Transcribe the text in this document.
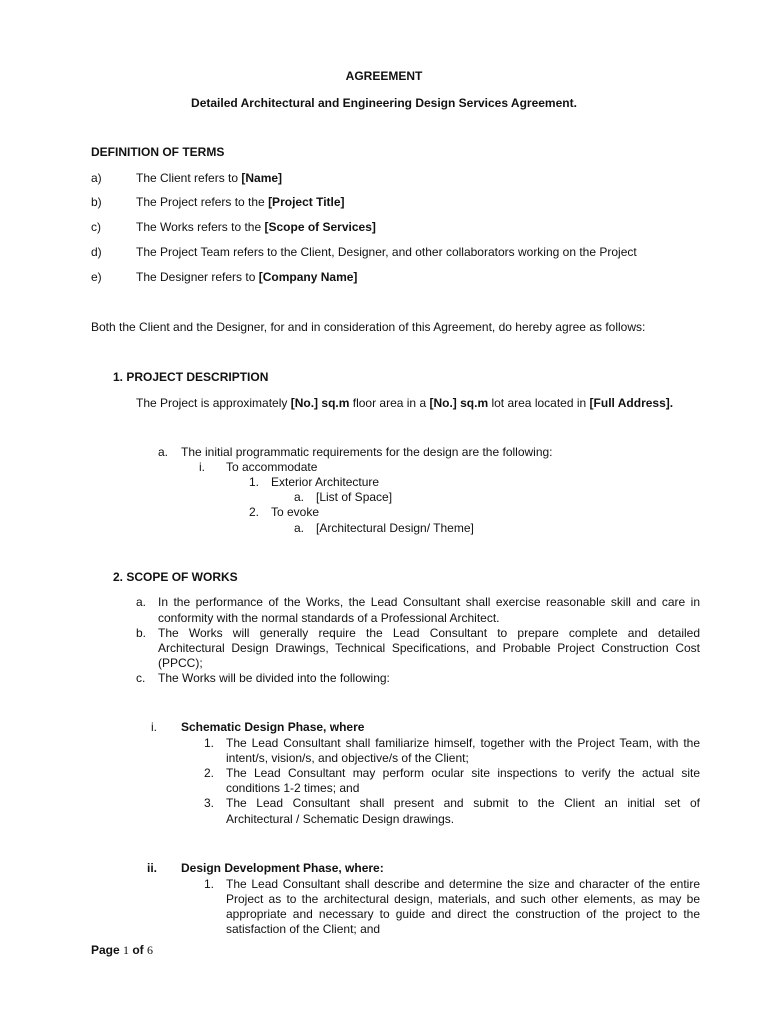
AGREEMENT
Detailed Architectural and Engineering Design Services Agreement.
DEFINITION OF TERMS
a)	The Client refers to [Name]
b)	The Project refers to the [Project Title]
c)	The Works refers to the [Scope of Services]
d)	The Project Team refers to the Client, Designer, and other collaborators working on the Project
e)	The Designer refers to [Company Name]
Both the Client and the Designer, for and in consideration of this Agreement, do hereby agree as follows:
1. PROJECT DESCRIPTION
The Project is approximately [No.] sq.m floor area in a [No.] sq.m lot area located in [Full Address].
a. The initial programmatic requirements for the design are the following:
i. To accommodate
1. Exterior Architecture
a. [List of Space]
2. To evoke
a. [Architectural Design/ Theme]
2. SCOPE OF WORKS
a. In the performance of the Works, the Lead Consultant shall exercise reasonable skill and care in
conformity with the normal standards of a Professional Architect.
b. The Works will generally require the Lead Consultant to prepare complete and detailed
Architectural Design Drawings, Technical Specifications, and Probable Project Construction Cost
(PPCC);
c. The Works will be divided into the following:
i. Schematic Design Phase, where
1. The Lead Consultant shall familiarize himself, together with the Project Team, with the
intent/s, vision/s, and objective/s of the Client;
2. The Lead Consultant may perform ocular site inspections to verify the actual site
conditions 1-2 times; and
3. The Lead Consultant shall present and submit to the Client an initial set of
Architectural / Schematic Design drawings.
ii. Design Development Phase, where:
1. The Lead Consultant shall describe and determine the size and character of the entire
Project as to the architectural design, materials, and such other elements, as may be
appropriate and necessary to guide and direct the construction of the project to the
satisfaction of the Client; and
Page 1 of 6
